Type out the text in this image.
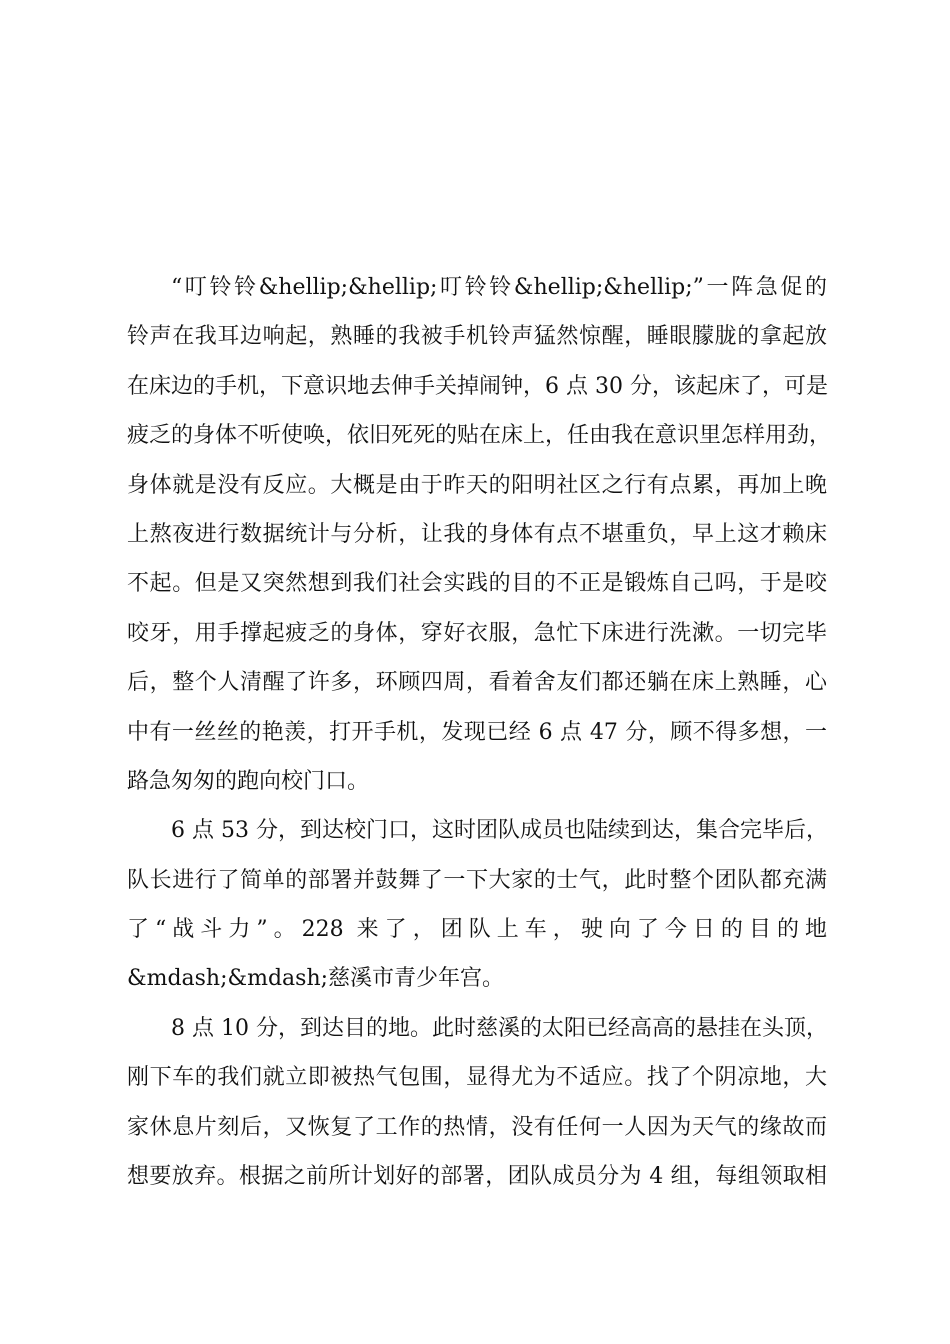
“叮铃铃&hellip;&hellip;叮铃铃&hellip;&hellip;”一阵急促的
铃声在我耳边响起，熟睡的我被手机铃声猛然惊醒，睡眼朦胧的拿起放
在床边的手机，下意识地去伸手关掉闹钟，6 点 30 分，该起床了，可是
疲乏的身体不听使唤，依旧死死的贴在床上，任由我在意识里怎样用劲，
身体就是没有反应。大概是由于昨天的阳明社区之行有点累，再加上晚
上熬夜进行数据统计与分析，让我的身体有点不堪重负，早上这才赖床
不起。但是又突然想到我们社会实践的目的不正是锻炼自己吗，于是咬
咬牙，用手撑起疲乏的身体，穿好衣服，急忙下床进行洗漱。一切完毕
后，整个人清醒了许多，环顾四周，看着舍友们都还躺在床上熟睡，心
中有一丝丝的艳羡，打开手机，发现已经 6 点 47 分，顾不得多想，一
路急匆匆的跑向校门口。
6 点 53 分，到达校门口，这时团队成员也陆续到达，集合完毕后，
队长进行了简单的部署并鼓舞了一下大家的士气，此时整个团队都充满
了“战斗力”。228 来了，团队上车，驶向了今日的目的地
&mdash;&mdash;慈溪市青少年宫。
8 点 10 分，到达目的地。此时慈溪的太阳已经高高的悬挂在头顶，
刚下车的我们就立即被热气包围，显得尤为不适应。找了个阴凉地，大
家休息片刻后，又恢复了工作的热情，没有任何一人因为天气的缘故而
想要放弃。根据之前所计划好的部署，团队成员分为 4 组，每组领取相
